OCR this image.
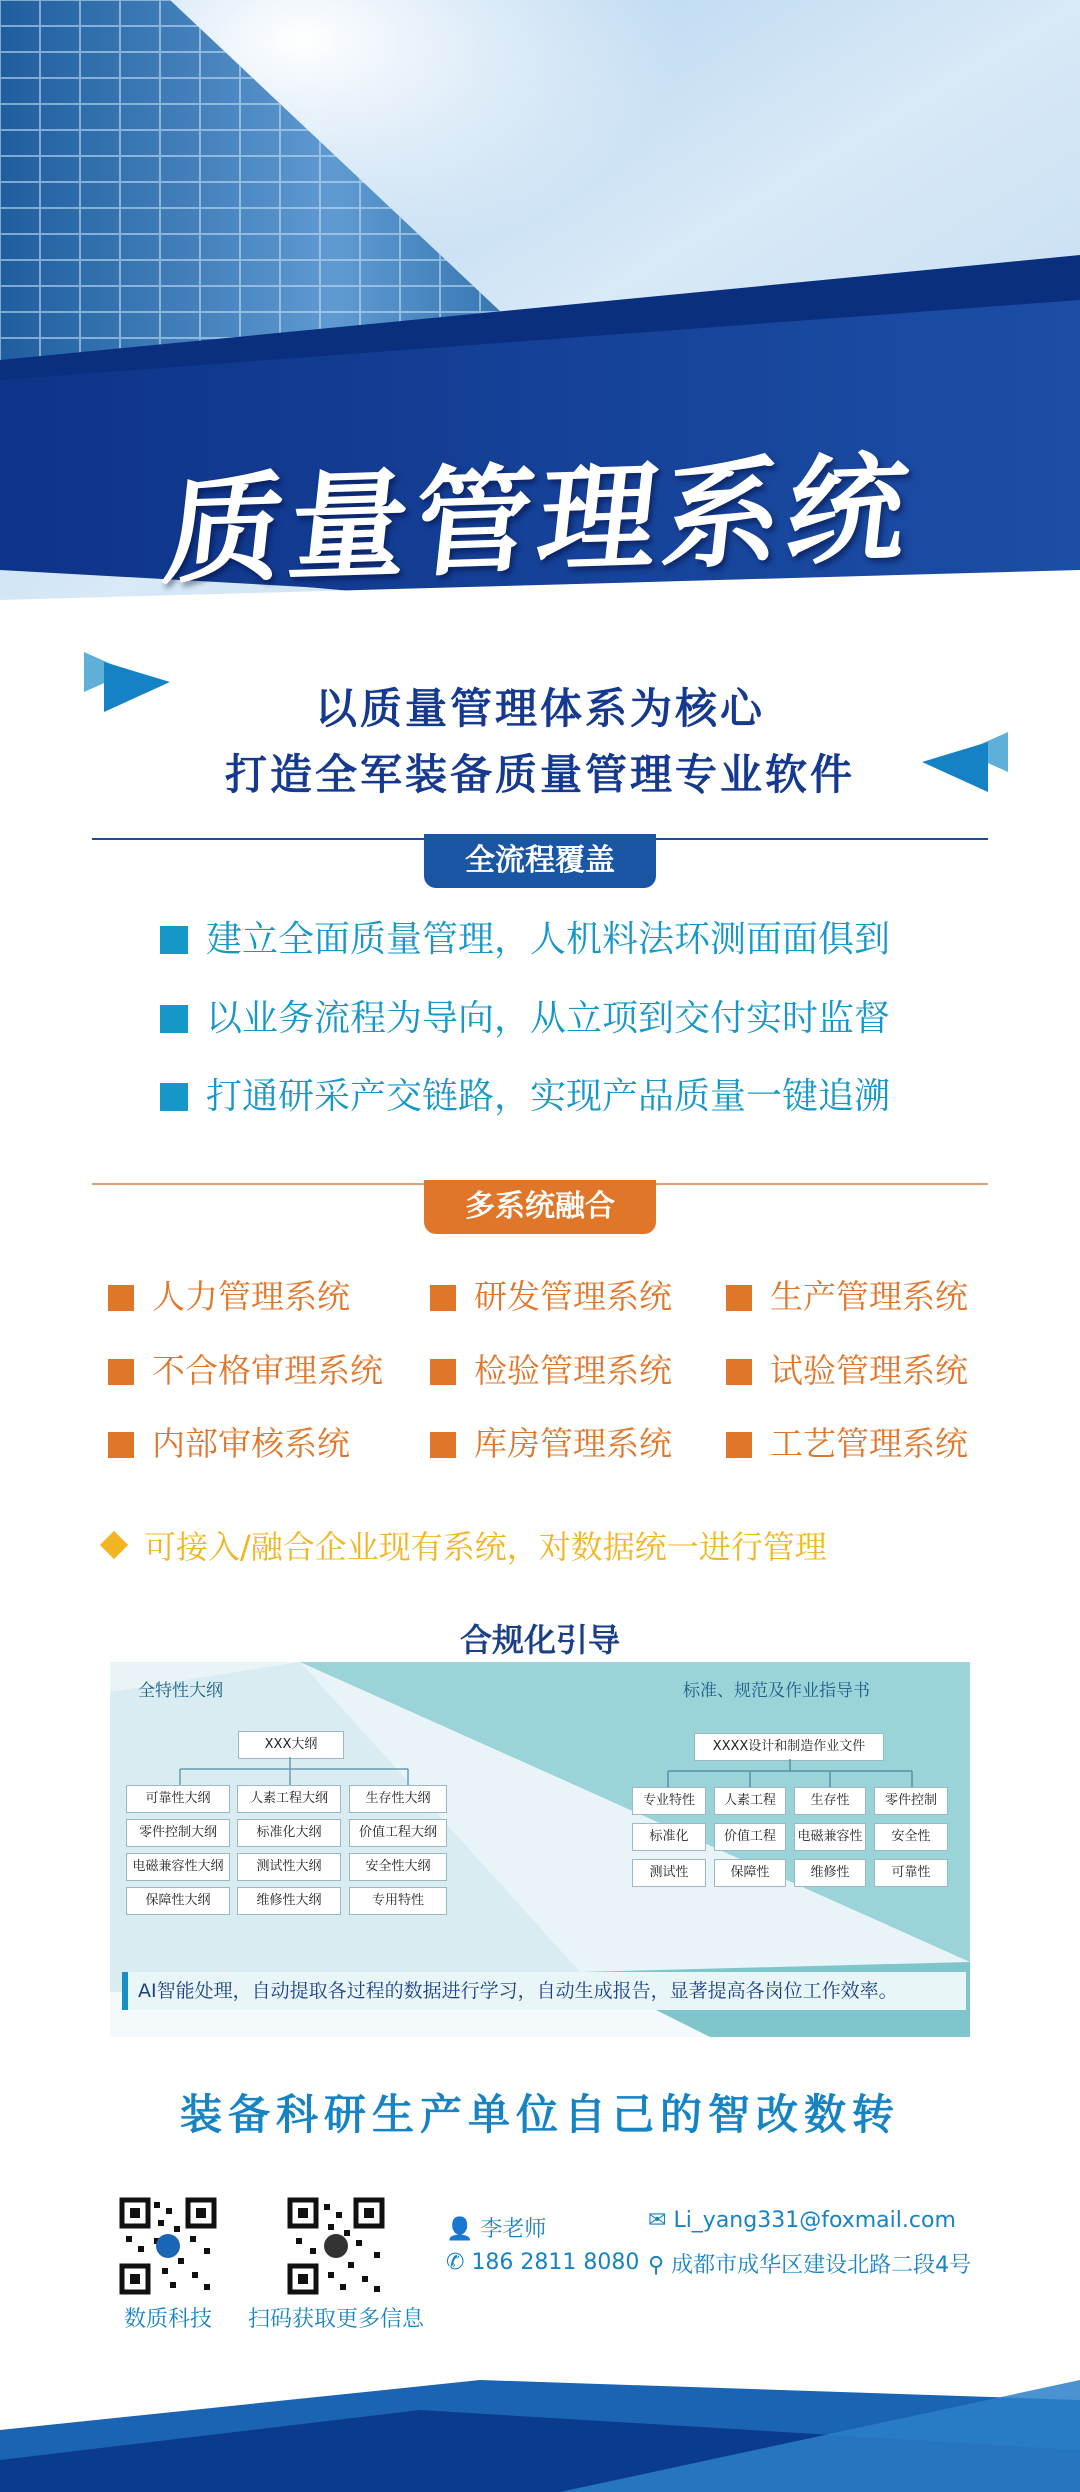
质量管理系统
以质量管理体系为核心
打造全军装备质量管理专业软件
全流程覆盖
建立全面质量管理，人机料法环测面面俱到
以业务流程为导向，从立项到交付实时监督
打通研采产交链路，实现产品质量一键追溯
多系统融合
人力管理系统	研发管理系统	生产管理系统
不合格审理系统	检验管理系统	试验管理系统
内部审核系统	库房管理系统	工艺管理系统
可接入/融合企业现有系统，对数据统一进行管理
合规化引导
全特性大纲	标准、规范及作业指导书
XXX大纲
可靠性大纲	人素工程大纲	生存性大纲
零件控制大纲	标准化大纲	价值工程大纲
电磁兼容性大纲	测试性大纲	安全性大纲
保障性大纲	维修性大纲	专用特性
XXXX设计和制造作业文件
专业特性	人素工程	生存性	零件控制
标准化	价值工程	电磁兼容性	安全性
测试性	保障性	维修性	可靠性
AI智能处理，自动提取各过程的数据进行学习，自动生成报告，显著提高各岗位工作效率。
装备科研生产单位自己的智改数转
数质科技	扫码获取更多信息
👤 李老师
✆ 186 2811 8080
✉ Li_yang331@foxmail.com
⚲ 成都市成华区建设北路二段4号
